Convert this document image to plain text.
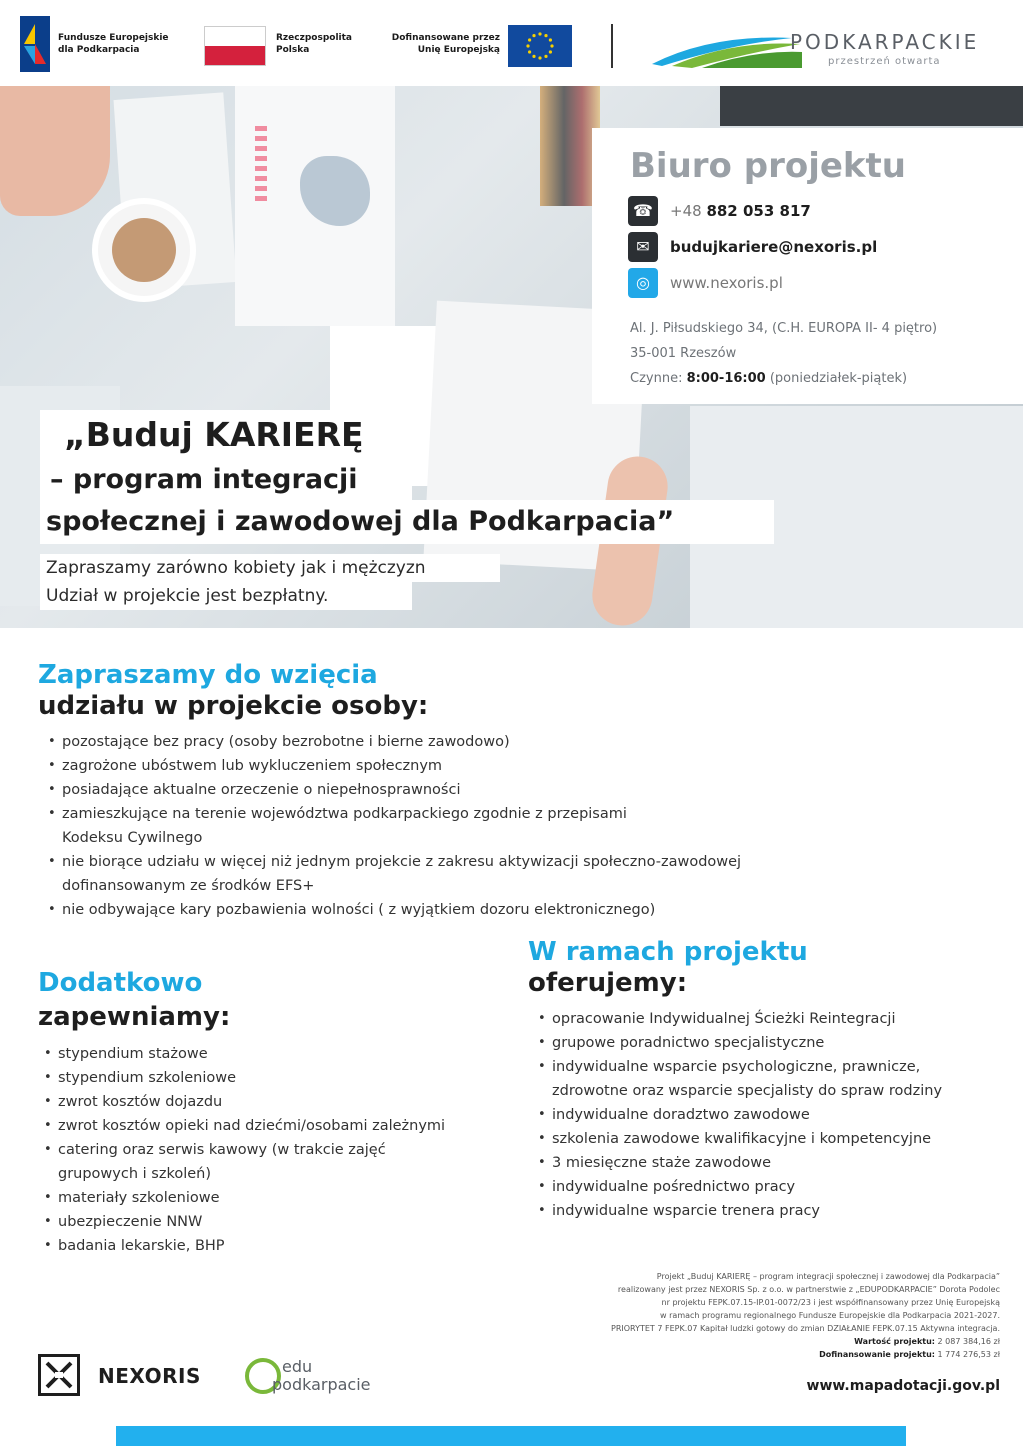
Fundusze Europejskie
dla Podkarpacia
Rzeczpospolita
Polska
Dofinansowane przez
Unię Europejską	PODKARPACKIE
przestrzeń otwarta
Biuro projektu
☎	+48 882 053 817
✉	budujkariere@nexoris.pl
◎	www.nexoris.pl
Al. J. Piłsudskiego 34, (C.H. EUROPA II- 4 piętro)
35-001 Rzeszów
Czynne: 8:00-16:00 (poniedziałek-piątek)
„Buduj KARIERĘ
– program integracji
społecznej i zawodowej dla Podkarpacia”
Zapraszamy zarówno kobiety jak i mężczyzn
Udział w projekcie jest bezpłatny.
Zapraszamy do wzięcia
udziału w projekcie osoby:
• pozostające bez pracy (osoby bezrobotne i bierne zawodowo)
• zagrożone ubóstwem lub wykluczeniem społecznym
• posiadające aktualne orzeczenie o niepełnosprawności
• zamieszkujące na terenie województwa podkarpackiego zgodnie z przepisami
Kodeksu Cywilnego
• nie biorące udziału w więcej niż jednym projekcie z zakresu aktywizacji społeczno-zawodowej
dofinansowanym ze środków EFS+
• nie odbywające kary pozbawienia wolności ( z wyjątkiem dozoru elektronicznego)
Dodatkowo
zapewniamy:
• stypendium stażowe
• stypendium szkoleniowe
• zwrot kosztów dojazdu
• zwrot kosztów opieki nad dziećmi/osobami zależnymi
• catering oraz serwis kawowy (w trakcie zajęć
grupowych i szkoleń)
• materiały szkoleniowe
• ubezpieczenie NNW
• badania lekarskie, BHP
W ramach projektu
oferujemy:
• opracowanie Indywidualnej Ścieżki Reintegracji
• grupowe poradnictwo specjalistyczne
• indywidualne wsparcie psychologiczne, prawnicze,
zdrowotne oraz wsparcie specjalisty do spraw rodziny
• indywidualne doradztwo zawodowe
• szkolenia zawodowe kwalifikacyjne i kompetencyjne
• 3 miesięczne staże zawodowe
• indywidualne pośrednictwo pracy
• indywidualne wsparcie trenera pracy
Projekt „Buduj KARIERĘ – program integracji społecznej i zawodowej dla Podkarpacia”
realizowany jest przez NEXORIS Sp. z o.o. w partnerstwie z „EDUPODKARPACIE” Dorota Podolec
nr projektu FEPK.07.15-IP.01-0072/23 i jest współfinansowany przez Unię Europejską
w ramach programu regionalnego Fundusze Europejskie dla Podkarpacia 2021-2027.
PRIORYTET 7 FEPK.07 Kapitał ludzki gotowy do zmian DZIAŁANIE FEPK.07.15 Aktywna integracja.
Wartość projektu: 2 087 384,16 zł
Dofinansowanie projektu: 1 774 276,53 zł
NEXORIS	edu
podkarpacie	www.mapadotacji.gov.pl
